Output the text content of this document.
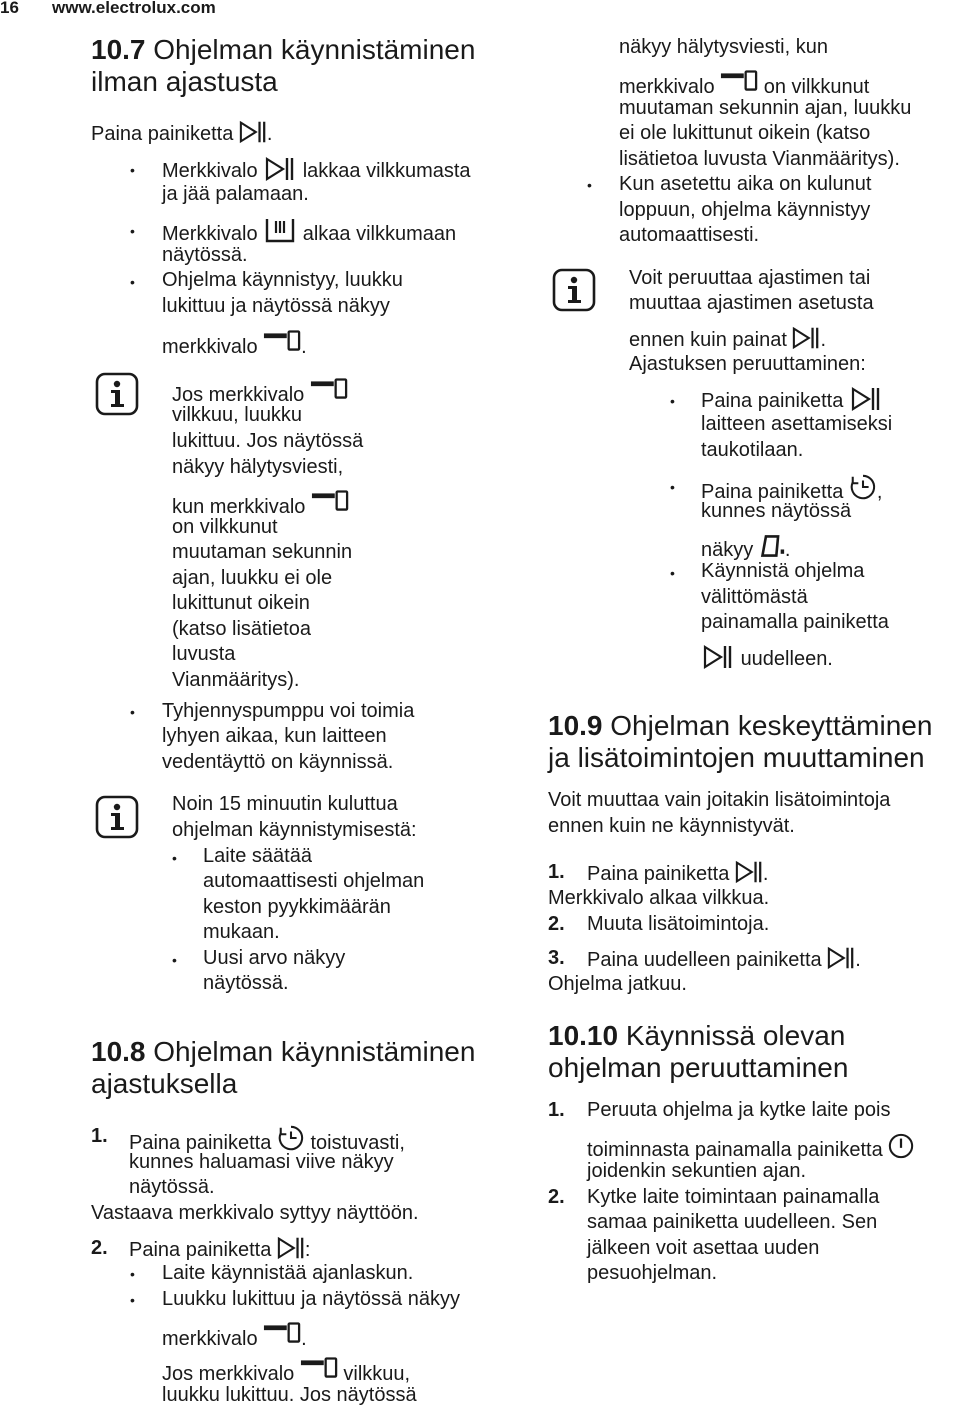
16 www.electrolux.com
10.7 Ohjelman käynnistäminen
ilman ajastusta
Paina painiketta .
• Merkkivalo lakkaa vilkkumasta
ja jää palamaan.
• Merkkivalo alkaa vilkkumaan
näytössä.
• Ohjelma käynnistyy, luukku
lukittuu ja näytössä näkyy
merkkivalo .
Jos merkkivalo
vilkkuu, luukku
lukittuu. Jos näytössä
näkyy hälytysviesti,
kun merkkivalo
on vilkkunut
muutaman sekunnin
ajan, luukku ei ole
lukittunut oikein
(katso lisätietoa
luvusta
Vianmääritys).
• Tyhjennyspumppu voi toimia
lyhyen aikaa, kun laitteen
vedentäyttö on käynnissä.
Noin 15 minuutin kuluttua
ohjelman käynnistymisestä:
• Laite säätää
automaattisesti ohjelman
keston pyykkimäärän
mukaan.
• Uusi arvo näkyy
näytössä.
10.8 Ohjelman käynnistäminen
ajastuksella
1. Paina painiketta toistuvasti,
kunnes haluamasi viive näkyy
näytössä.
Vastaava merkkivalo syttyy näyttöön.
2. Paina painiketta :
• Laite käynnistää ajanlaskun.
• Luukku lukittuu ja näytössä näkyy
merkkivalo .
Jos merkkivalo vilkkuu,
luukku lukittuu. Jos näytössä
näkyy hälytysviesti, kun
merkkivalo on vilkkunut
muutaman sekunnin ajan, luukku
ei ole lukittunut oikein (katso
lisätietoa luvusta Vianmääritys).
• Kun asetettu aika on kulunut
loppuun, ohjelma käynnistyy
automaattisesti.
Voit peruuttaa ajastimen tai
muuttaa ajastimen asetusta
ennen kuin painat .
Ajastuksen peruuttaminen:
• Paina painiketta
laitteen asettamiseksi
taukotilaan.
• Paina painiketta ,
kunnes näytössä
näkyy .
• Käynnistä ohjelma
välittömästä
painamalla painiketta
uudelleen.
10.9 Ohjelman keskeyttäminen
ja lisätoimintojen muuttaminen
Voit muuttaa vain joitakin lisätoimintoja
ennen kuin ne käynnistyvät.
1. Paina painiketta .
Merkkivalo alkaa vilkkua.
2. Muuta lisätoimintoja.
3. Paina uudelleen painiketta .
Ohjelma jatkuu.
10.10 Käynnissä olevan
ohjelman peruuttaminen
1. Peruuta ohjelma ja kytke laite pois
toiminnasta painamalla painiketta
joidenkin sekuntien ajan.
2. Kytke laite toimintaan painamalla
samaa painiketta uudelleen. Sen
jälkeen voit asettaa uuden
pesuohjelman.
